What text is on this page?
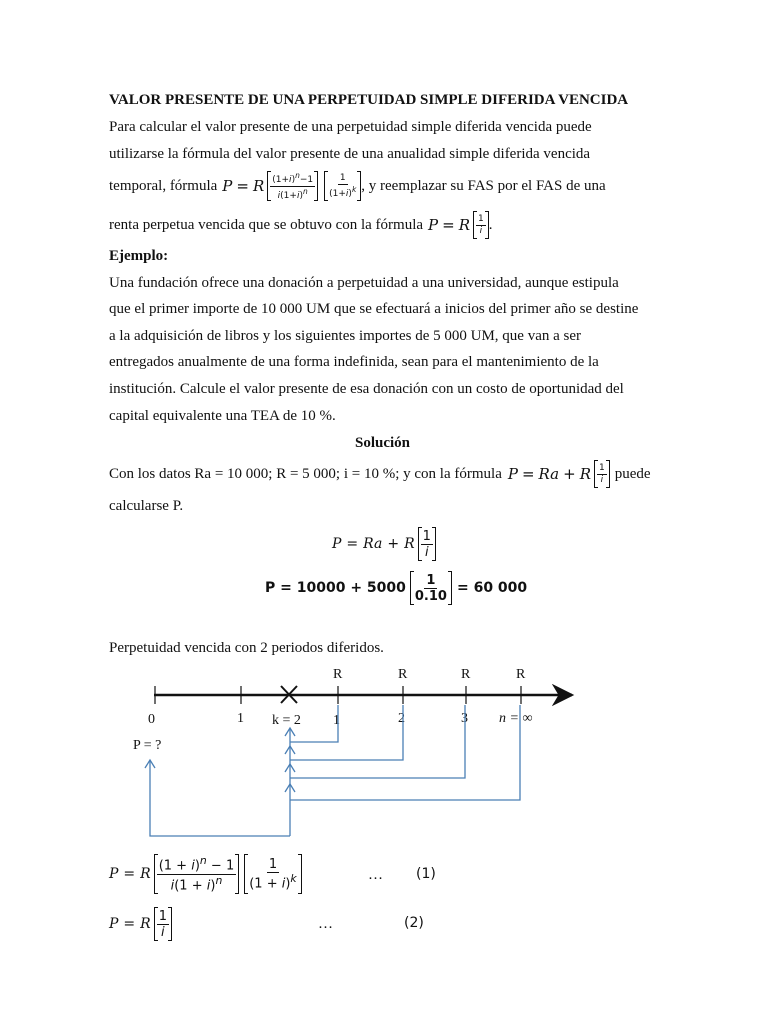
VALOR PRESENTE DE UNA PERPETUIDAD SIMPLE DIFERIDA VENCIDA
Para calcular el valor presente de una perpetuidad simple diferida vencida puede
utilizarse la fórmula del valor presente de una anualidad simple diferida vencida
temporal, fórmula P = R $\frac{(1+i)^n-1}{i(1+i)^n} \frac{1}{(1+i)^k}$ , y reemplazar su FAS por el FAS de una
renta perpetua vencida que se obtuvo con la fórmula P = R $\frac{1}{i}$ .
Ejemplo:
Una fundación ofrece una donación a perpetuidad a una universidad, aunque estipula
que el primer importe de 10 000 UM que se efectuará a inicios del primer año se destine
a la adquisición de libros y los siguientes importes de 5 000 UM, que van a ser
entregados anualmente de una forma indefinida, sean para el mantenimiento de la
institución. Calcule el valor presente de esa donación con un costo de oportunidad del
capital equivalente una TEA de 10 %.
Solución
Con los datos Ra = 10 000; R = 5 000; i = 10 %; y con la fórmula P = Ra + R $\frac{1}{i}$ puede
calcularse P.
P = Ra + R $\frac{1}{i}$
$P = 10000 + 5000 \frac{1}{0.10} = 60$ 000
Perpetuidad vencida con 2 periodos diferidos.
R	R	R	R
0	1 k = 2 1	2	3 n = ∞
P = ?
P = R $\frac{(1 + i)^n - 1}{i(1 + i)^n} \frac{1}{(1 + i)^k}$	… (1)
P = R $\frac{1}{i}$	…	(2)
